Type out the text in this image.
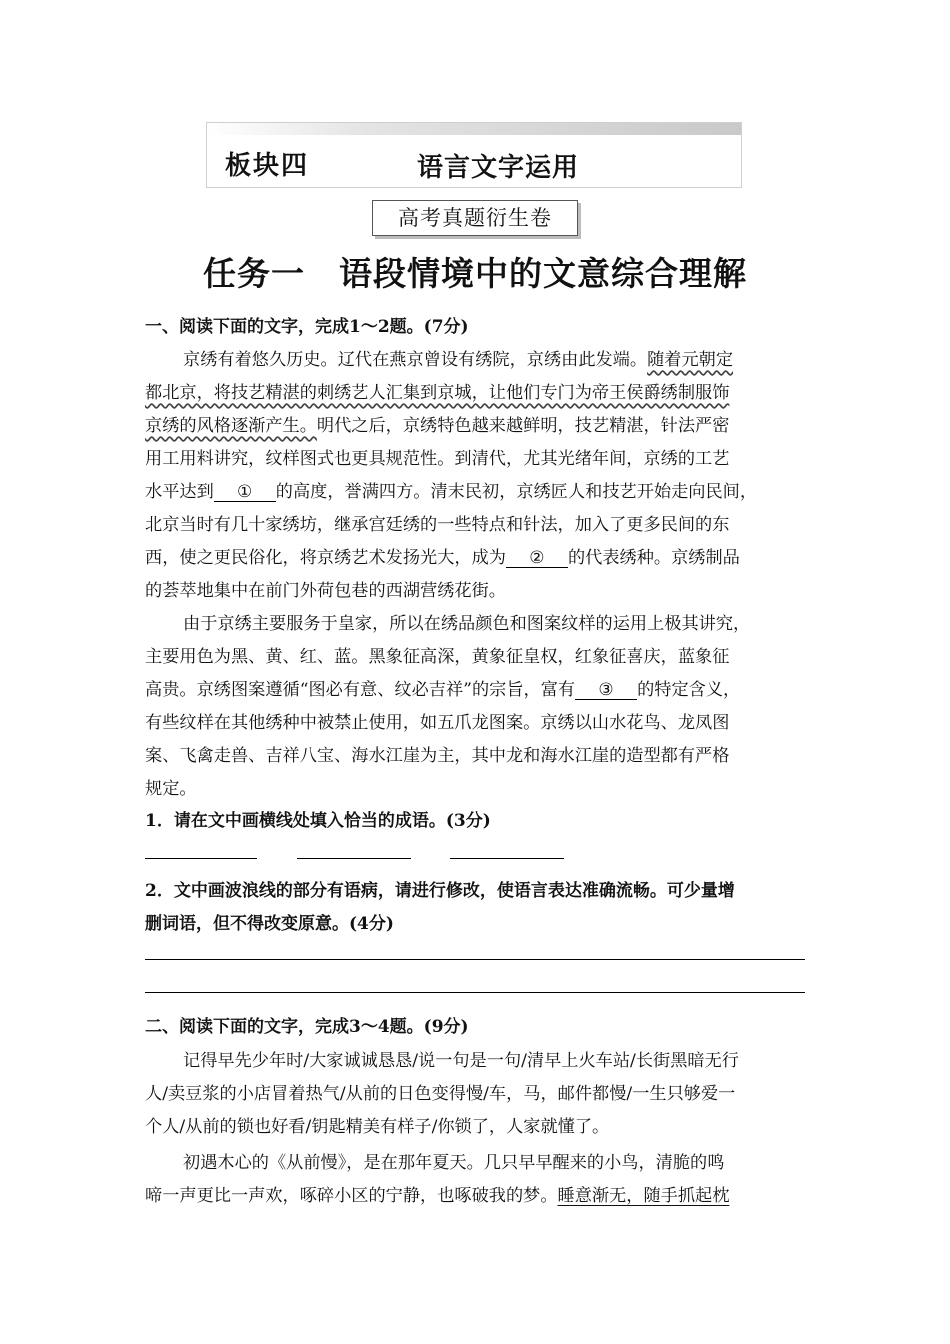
板块四	语言文字运用
高考真题衍生卷
任务一　语段情境中的文意综合理解
一、阅读下面的文字，完成1～2题。(7分)
京绣有着悠久历史。辽代在燕京曾设有绣院，京绣由此发端。随着元朝定
都北京，将技艺精湛的刺绣艺人汇集到京城，让他们专门为帝王侯爵绣制服饰
京绣的风格逐渐产生。明代之后，京绣特色越来越鲜明，技艺精湛，针法严密
用工用料讲究，纹样图式也更具规范性。到清代，尤其光绪年间，京绣的工艺
水平达到 ① 的高度，誉满四方。清末民初，京绣匠人和技艺开始走向民间，
北京当时有几十家绣坊，继承宫廷绣的一些特点和针法，加入了更多民间的东
西，使之更民俗化，将京绣艺术发扬光大，成为 ② 的代表绣种。京绣制品
的荟萃地集中在前门外荷包巷的西湖营绣花街。
由于京绣主要服务于皇家，所以在绣品颜色和图案纹样的运用上极其讲究，
主要用色为黑、黄、红、蓝。黑象征高深，黄象征皇权，红象征喜庆，蓝象征
高贵。京绣图案遵循“图必有意、纹必吉祥”的宗旨，富有 ③ 的特定含义，
有些纹样在其他绣种中被禁止使用，如五爪龙图案。京绣以山水花鸟、龙凤图
案、飞禽走兽、吉祥八宝、海水江崖为主，其中龙和海水江崖的造型都有严格
规定。
1．请在文中画横线处填入恰当的成语。(3分)
2．文中画波浪线的部分有语病，请进行修改，使语言表达准确流畅。可少量增
删词语，但不得改变原意。(4分)
二、阅读下面的文字，完成3～4题。(9分)
记得早先少年时/大家诚诚恳恳/说一句是一句/清早上火车站/长街黑暗无行
人/卖豆浆的小店冒着热气/从前的日色变得慢/车，马，邮件都慢/一生只够爱一
个人/从前的锁也好看/钥匙精美有样子/你锁了，人家就懂了。
初遇木心的《从前慢》，是在那年夏天。几只早早醒来的小鸟，清脆的鸣
啼一声更比一声欢，啄碎小区的宁静，也啄破我的梦。睡意渐无，随手抓起枕
